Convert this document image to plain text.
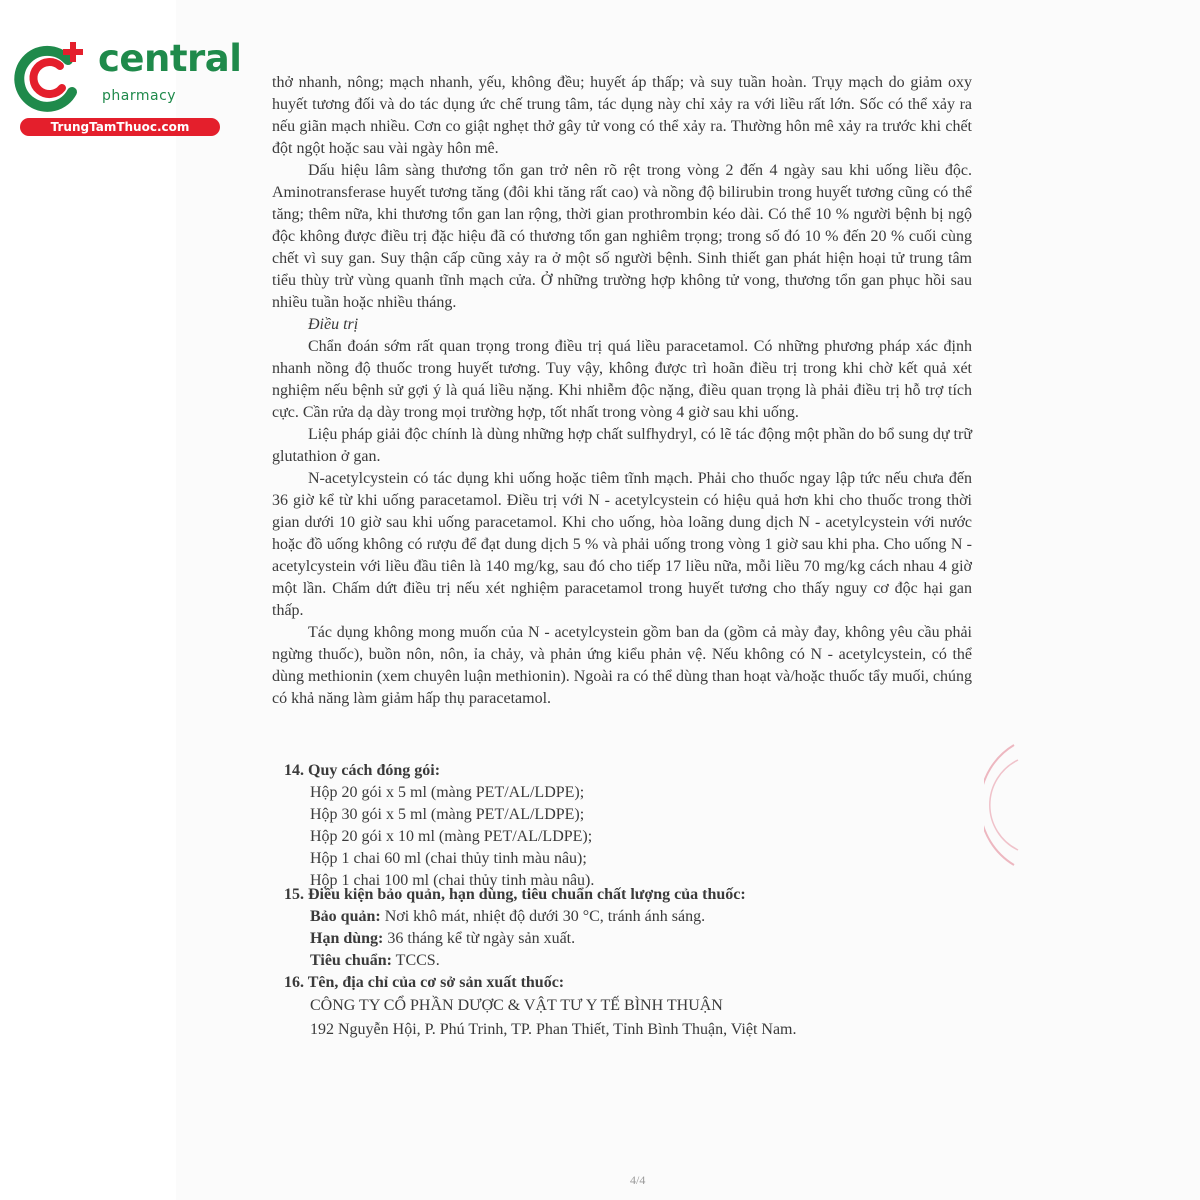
central
pharmacy
TrungTamThuoc.com

thở nhanh, nông; mạch nhanh, yếu, không đều; huyết áp thấp; và suy tuần hoàn. Trụy mạch do giảm oxy huyết tương đối và do tác dụng ức chế trung tâm, tác dụng này chỉ xảy ra với liều rất lớn. Sốc có thể xảy ra nếu giãn mạch nhiều. Cơn co giật nghẹt thở gây tử vong có thể xảy ra. Thường hôn mê xảy ra trước khi chết đột ngột hoặc sau vài ngày hôn mê.

Dấu hiệu lâm sàng thương tổn gan trở nên rõ rệt trong vòng 2 đến 4 ngày sau khi uống liều độc. Aminotransferase huyết tương tăng (đôi khi tăng rất cao) và nồng độ bilirubin trong huyết tương cũng có thể tăng; thêm nữa, khi thương tổn gan lan rộng, thời gian prothrombin kéo dài. Có thể 10 % người bệnh bị ngộ độc không được điều trị đặc hiệu đã có thương tổn gan nghiêm trọng; trong số đó 10 % đến 20 % cuối cùng chết vì suy gan. Suy thận cấp cũng xảy ra ở một số người bệnh. Sinh thiết gan phát hiện hoại tử trung tâm tiểu thùy trừ vùng quanh tĩnh mạch cửa. Ở những trường hợp không tử vong, thương tổn gan phục hồi sau nhiều tuần hoặc nhiều tháng.

Điều trị

Chẩn đoán sớm rất quan trọng trong điều trị quá liều paracetamol. Có những phương pháp xác định nhanh nồng độ thuốc trong huyết tương. Tuy vậy, không được trì hoãn điều trị trong khi chờ kết quả xét nghiệm nếu bệnh sử gợi ý là quá liều nặng. Khi nhiễm độc nặng, điều quan trọng là phải điều trị hỗ trợ tích cực. Cần rửa dạ dày trong mọi trường hợp, tốt nhất trong vòng 4 giờ sau khi uống.

Liệu pháp giải độc chính là dùng những hợp chất sulfhydryl, có lẽ tác động một phần do bổ sung dự trữ glutathion ở gan.

N-acetylcystein có tác dụng khi uống hoặc tiêm tĩnh mạch. Phải cho thuốc ngay lập tức nếu chưa đến 36 giờ kể từ khi uống paracetamol. Điều trị với N - acetylcystein có hiệu quả hơn khi cho thuốc trong thời gian dưới 10 giờ sau khi uống paracetamol. Khi cho uống, hòa loãng dung dịch N - acetylcystein với nước hoặc đồ uống không có rượu để đạt dung dịch 5 % và phải uống trong vòng 1 giờ sau khi pha. Cho uống N - acetylcystein với liều đầu tiên là 140 mg/kg, sau đó cho tiếp 17 liều nữa, mỗi liều 70 mg/kg cách nhau 4 giờ một lần. Chấm dứt điều trị nếu xét nghiệm paracetamol trong huyết tương cho thấy nguy cơ độc hại gan thấp.

Tác dụng không mong muốn của N - acetylcystein gồm ban da (gồm cả mày đay, không yêu cầu phải ngừng thuốc), buồn nôn, nôn, ỉa chảy, và phản ứng kiểu phản vệ. Nếu không có N - acetylcystein, có thể dùng methionin (xem chuyên luận methionin). Ngoài ra có thể dùng than hoạt và/hoặc thuốc tẩy muối, chúng có khả năng làm giảm hấp thụ paracetamol.

14. Quy cách đóng gói:
Hộp 20 gói x 5 ml (màng PET/AL/LDPE);
Hộp 30 gói x 5 ml (màng PET/AL/LDPE);
Hộp 20 gói x 10 ml (màng PET/AL/LDPE);
Hộp 1 chai 60 ml (chai thủy tinh màu nâu);
Hộp 1 chai 100 ml (chai thủy tinh màu nâu).
15. Điều kiện bảo quản, hạn dùng, tiêu chuẩn chất lượng của thuốc:
Bảo quản: Nơi khô mát, nhiệt độ dưới 30 °C, tránh ánh sáng.
Hạn dùng: 36 tháng kể từ ngày sản xuất.
Tiêu chuẩn: TCCS.
16. Tên, địa chỉ của cơ sở sản xuất thuốc:
CÔNG TY CỔ PHẦN DƯỢC & VẬT TƯ Y TẾ BÌNH THUẬN
192 Nguyễn Hội, P. Phú Trinh, TP. Phan Thiết, Tỉnh Bình Thuận, Việt Nam.
4/4
